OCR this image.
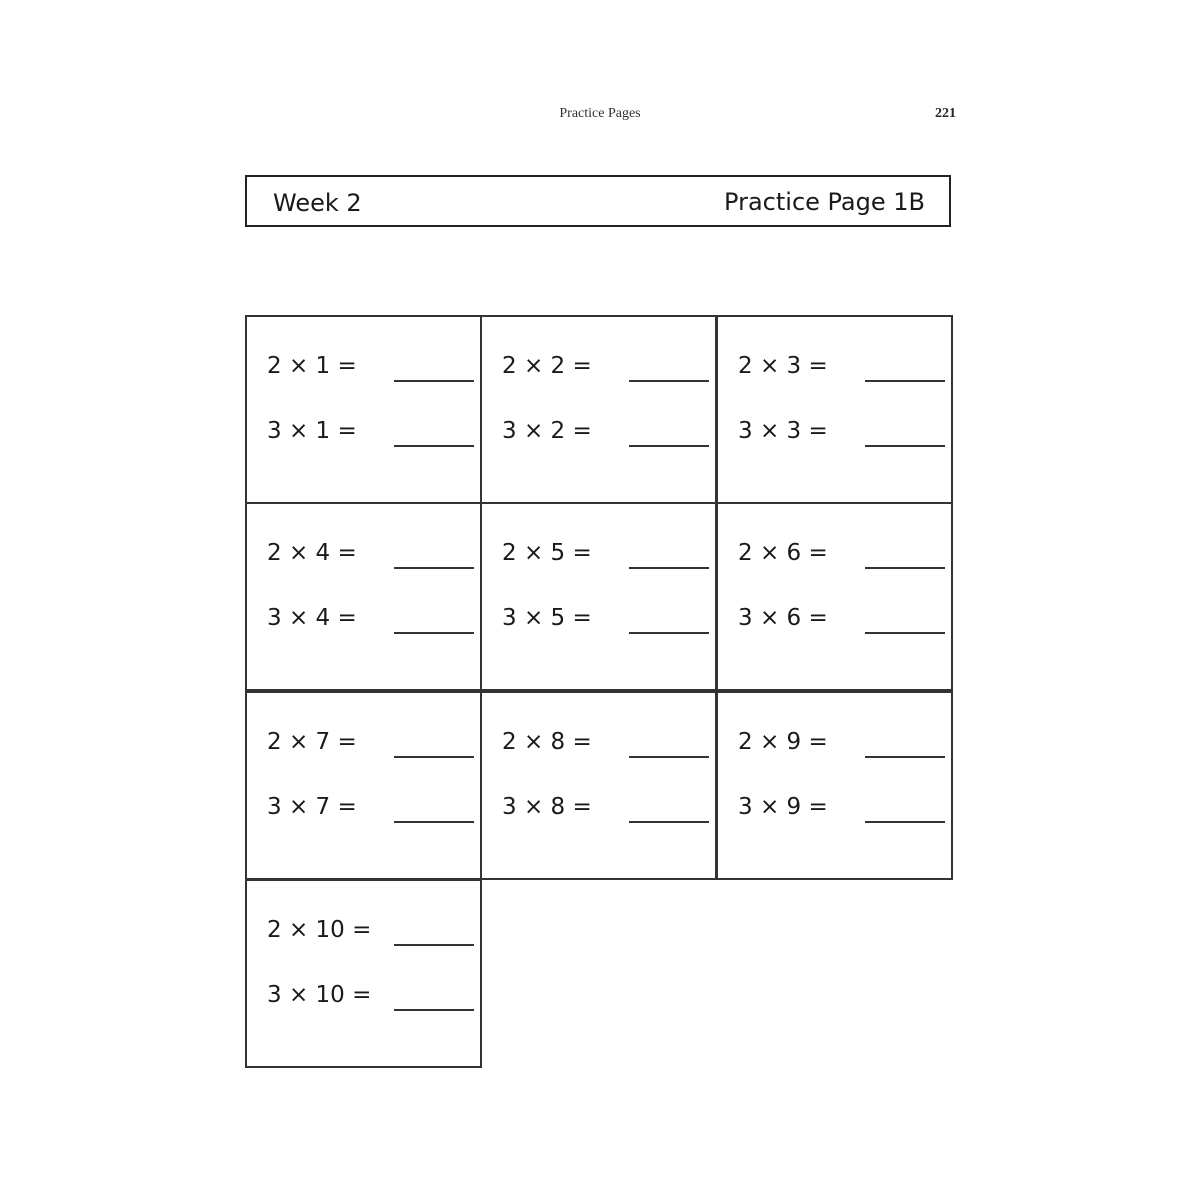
Practice Pages	221
Week 2	Practice Page 1B
2 × 1 =
3 × 1 =
2 × 2 =
3 × 2 =
2 × 3 =
3 × 3 =
2 × 4 =
3 × 4 =
2 × 5 =
3 × 5 =
2 × 6 =
3 × 6 =
2 × 7 =
3 × 7 =
2 × 8 =
3 × 8 =
2 × 9 =
3 × 9 =
2 × 10 =
3 × 10 =
